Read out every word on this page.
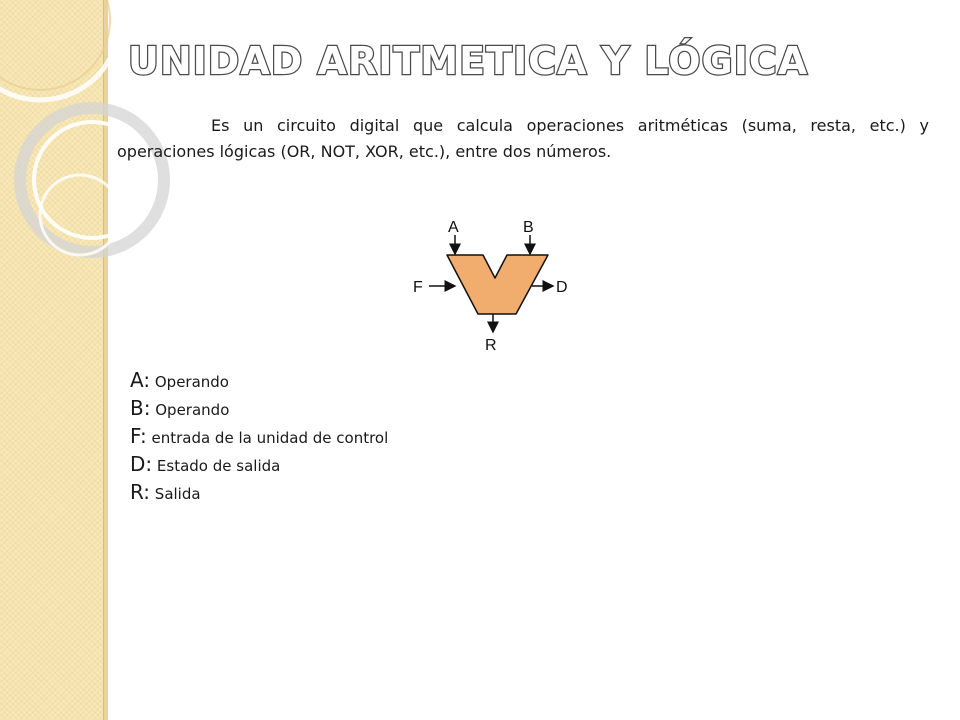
UNIDAD ARITMETICA Y LÓGICA

Es un circuito digital que calcula operaciones aritméticas (suma, resta, etc.) y operaciones lógicas (OR, NOT, XOR, etc.), entre dos números.

A	B
F	D
R
A: Operando
B: Operando
F: entrada de la unidad de control
D: Estado de salida
R: Salida
